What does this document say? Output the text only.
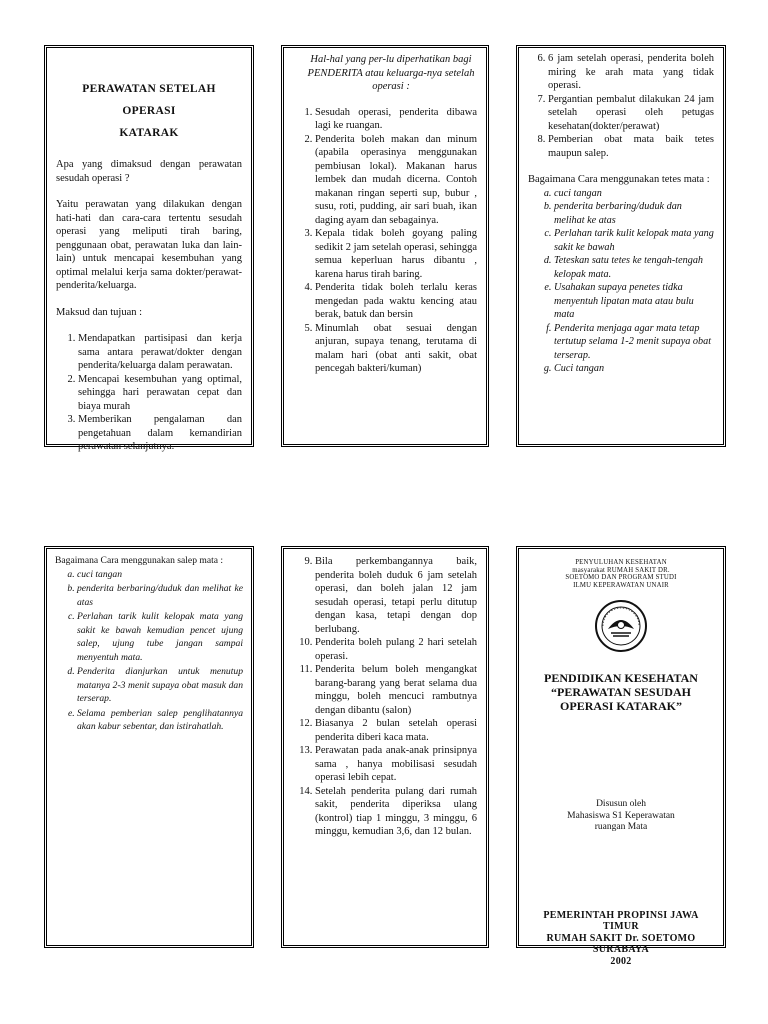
PERAWATAN SETELAH OPERASI
KATARAK

Apa yang dimaksud dengan perawatan sesudah operasi ?

Yaitu perawatan yang dilakukan dengan hati-hati dan cara-cara tertentu sesudah operasi yang meliputi tirah baring, penggunaan obat, perawatan luka dan lain-lain) untuk mencapai kesembuhan yang optimal melalui kerja sama dokter/perawat-penderita/keluarga.

Maksud dan tujuan :

1. Mendapatkan partisipasi dan kerja sama antara perawat/dokter dengan penderita/keluarga dalam perawatan.
2. Mencapai kesembuhan yang optimal, sehingga hari perawatan cepat dan biaya murah
3. Memberikan pengalaman dan pengetahuan dalam kemandirian perawatan selanjutnya.

Hal-hal yang per-lu diperhatikan bagi PENDERITA atau keluarga-nya setelah operasi :

1. Sesudah operasi, penderita dibawa lagi ke ruangan.
2. Penderita boleh makan dan minum (apabila operasinya menggunakan pembiusan lokal). Makanan harus lembek dan mudah dicerna. Contoh makanan ringan seperti sup, bubur , susu, roti, pudding, air sari buah, ikan daging ayam dan sebagainya.
3. Kepala tidak boleh goyang paling sedikit 2 jam setelah operasi, sehingga semua keperluan harus dibantu , karena harus tirah baring.
4. Penderita tidak boleh terlalu keras mengedan pada waktu kencing atau berak, batuk dan bersin
5. Minumlah obat sesuai dengan anjuran, supaya tenang, terutama di malam hari (obat anti sakit, obat pencegah bakteri/kuman)
6. 6 jam setelah operasi, penderita boleh miring ke arah mata yang tidak operasi.
7. Pergantian pembalut dilakukan 24 jam setelah operasi oleh petugas kesehatan(dokter/perawat)
8. Pemberian obat mata baik tetes maupun salep.

Bagaimana Cara menggunakan tetes mata :

a. cuci tangan
b. penderita berbaring/duduk dan melihat ke atas
c. Perlahan tarik kulit kelopak mata yang sakit ke bawah
d. Teteskan satu tetes ke tengah-tengah kelopak mata.
e. Usahakan supaya penetes tidka menyentuh lipatan mata atau bulu mata
f. Penderita menjaga agar mata tetap tertutup selama 1-2 menit supaya obat terserap.
g. Cuci tangan

Bagaimana Cara menggunakan salep mata :

a. cuci tangan
b. penderita berbaring/duduk dan melihat ke atas
c. Perlahan tarik kulit kelopak mata yang sakit ke bawah kemudian pencet ujung salep, ujung tube jangan sampai menyentuh mata.
d. Penderita dianjurkan untuk menutup matanya 2-3 menit supaya obat masuk dan terserap.
e. Selama pemberian salep penglihatannya akan kabur sebentar, dan istirahatlah.
9. Bila perkembangannya baik, penderita boleh duduk 6 jam setelah operasi, dan boleh jalan 12 jam sesudah operasi, tetapi perlu ditutup dengan kasa, tetapi dengan dop berlubang.
10. Penderita boleh pulang 2 hari setelah operasi.
11. Penderita belum boleh mengangkat barang-barang yang berat selama dua minggu, boleh mencuci rambutnya dengan dibantu (salon)
12. Biasanya 2 bulan setelah operasi penderita diberi kaca mata.
13. Perawatan pada anak-anak prinsipnya sama , hanya mobilisasi sesudah operasi lebih cepat.
14. Setelah penderita pulang dari rumah sakit, penderita diperiksa ulang (kontrol) tiap 1 minggu, 3 minggu, 6 minggu, kemudian 3,6, dan 12 bulan.
PENYULUHAN KESEHATAN
masyarakat RUMAH SAKIT DR.
SOETOMO DAN PROGRAM STUDI
ILMU KEPERAWATAN UNAIR
PENDIDIKAN KESEHATAN
“PERAWATAN SESUDAH
OPERASI KATARAK”
Disusun oleh
Mahasiswa S1 Keperawatan
ruangan Mata
PEMERINTAH PROPINSI JAWA TIMUR
RUMAH SAKIT Dr. SOETOMO
SURABAYA
2002
